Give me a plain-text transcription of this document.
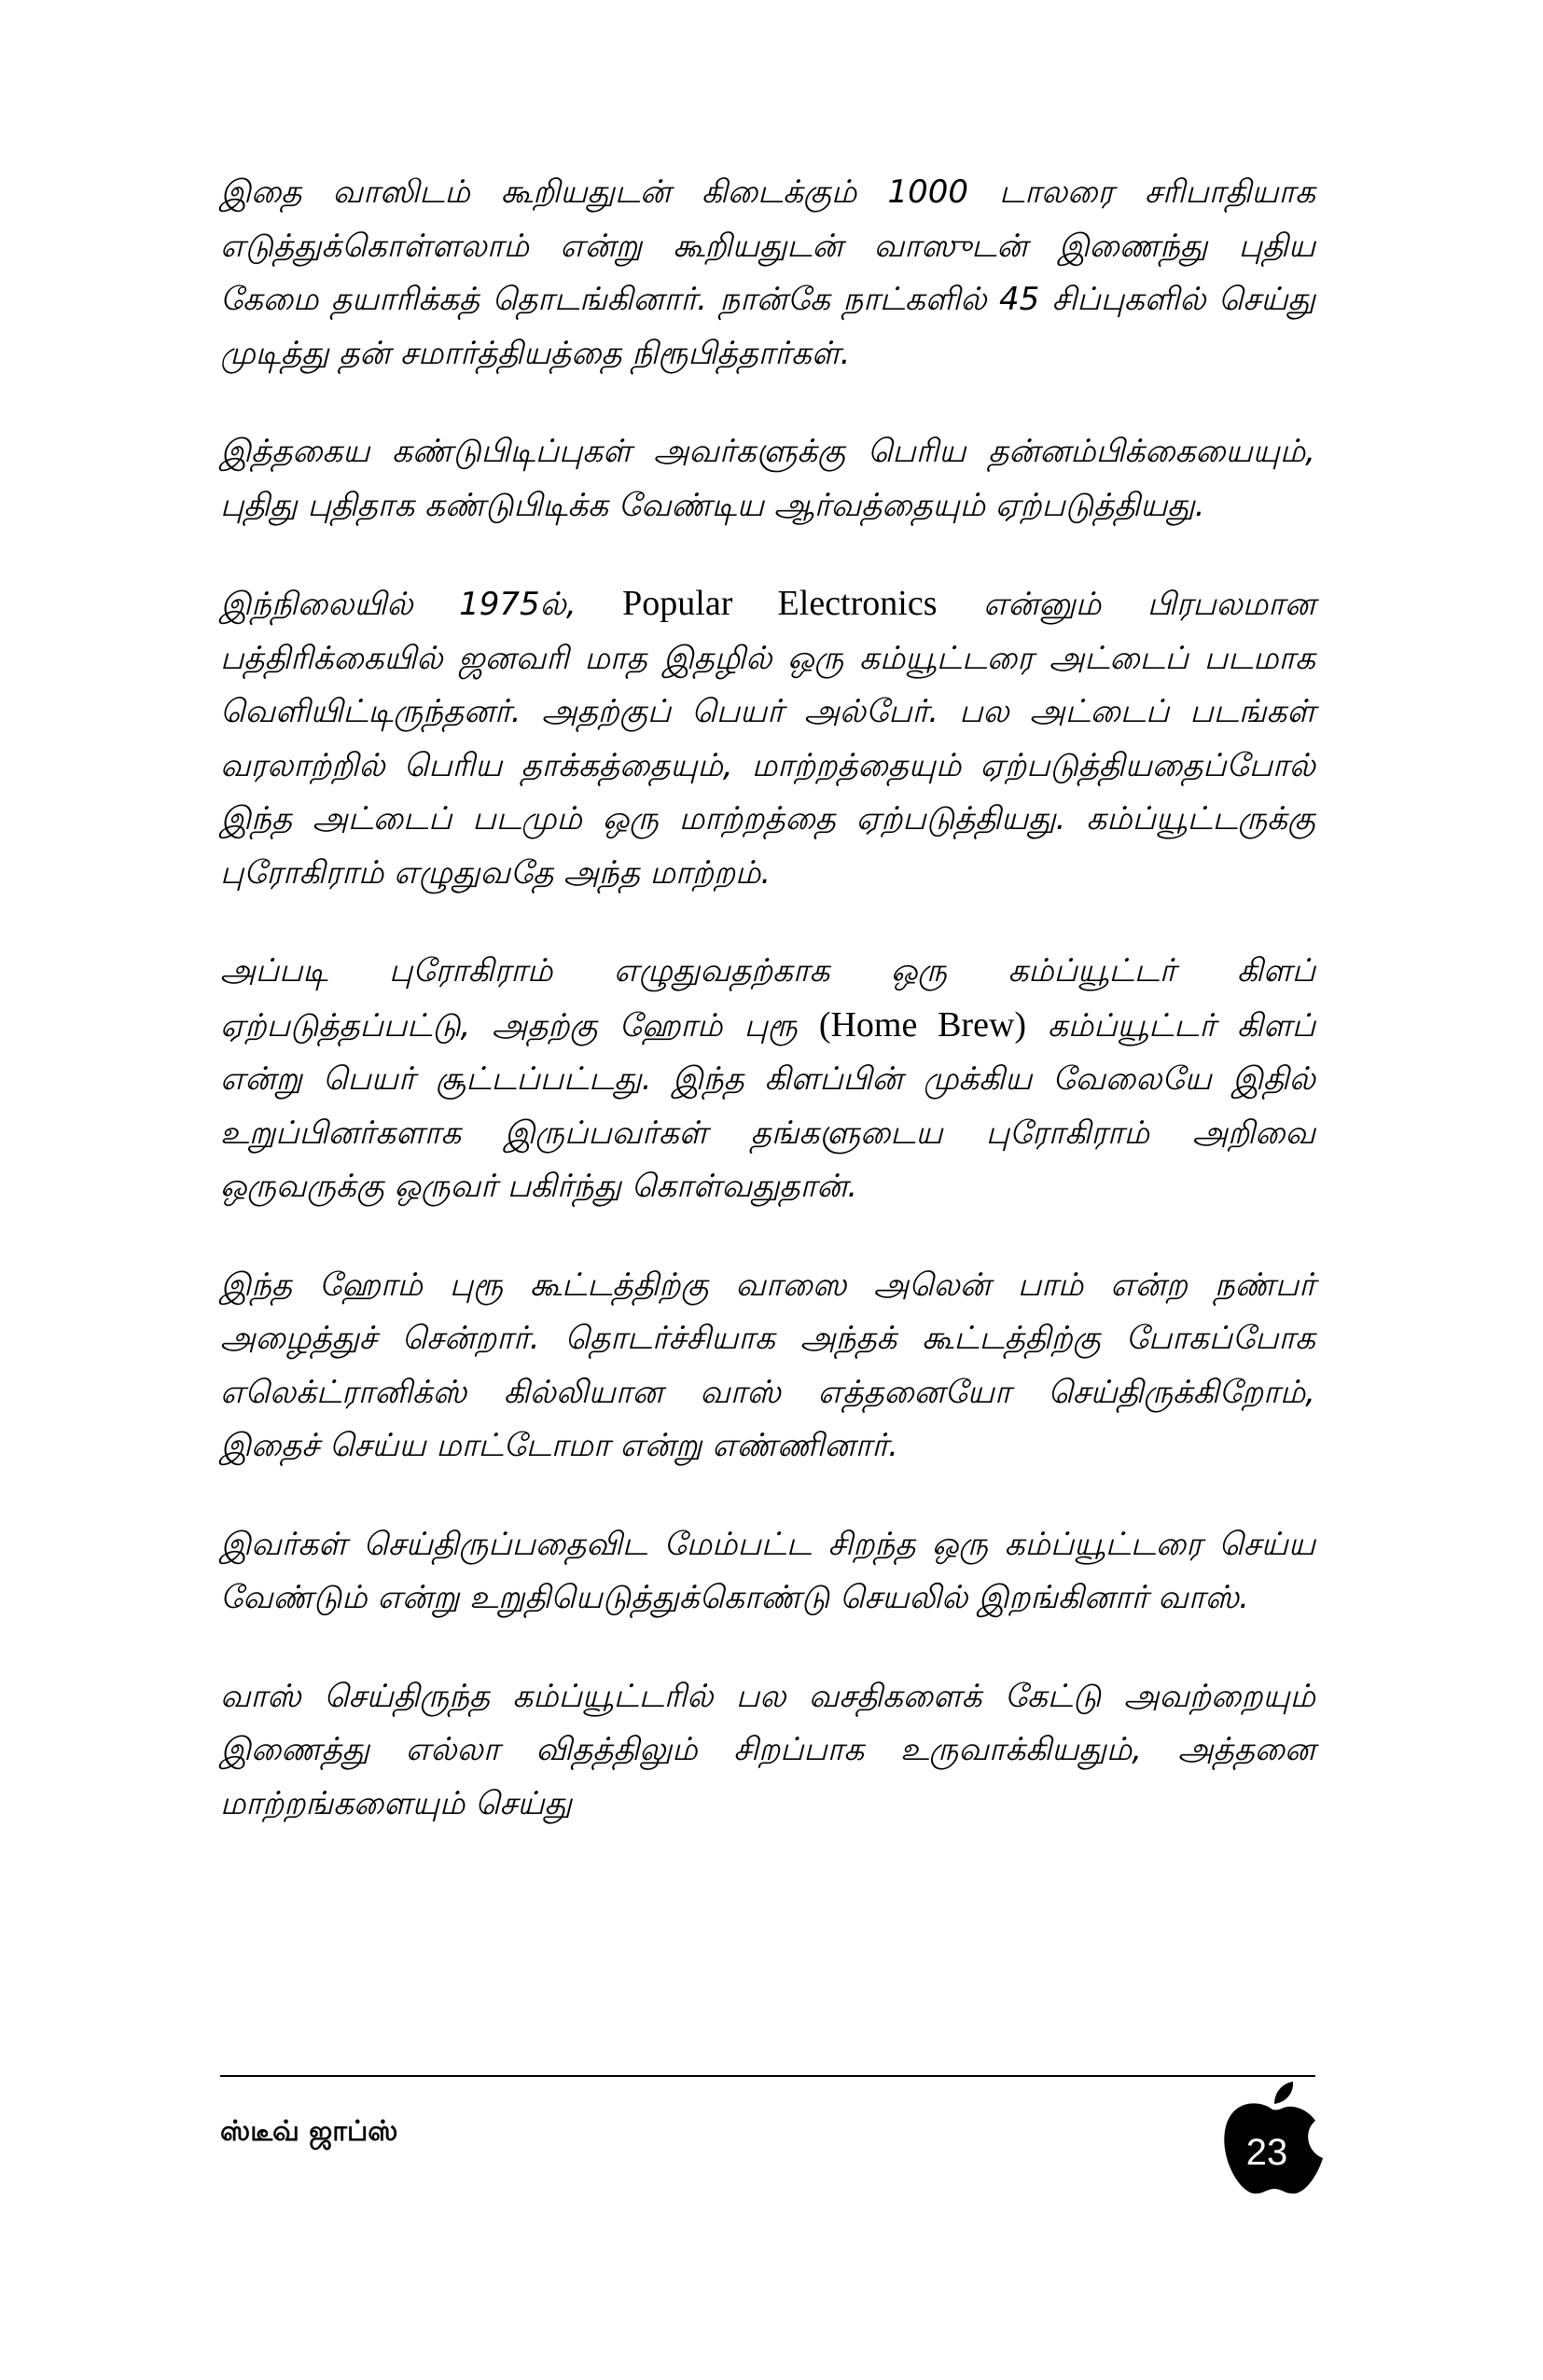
இதை வாஸிடம் கூறியதுடன் கிடைக்கும் 1000 டாலரை சரிபாதியாக எடுத்துக்கொள்ளலாம் என்று கூறியதுடன் வாஸுடன் இணைந்து புதிய கேமை தயாரிக்கத் தொடங்கினார். நான்கே நாட்களில் 45 சிப்புகளில் செய்து முடித்து தன் சமார்த்தியத்தை நிரூபித்தார்கள்.

இத்தகைய கண்டுபிடிப்புகள் அவர்களுக்கு பெரிய தன்னம்பிக்கையையும், புதிது புதிதாக கண்டுபிடிக்க வேண்டிய ஆர்வத்தையும் ஏற்படுத்தியது.

இந்நிலையில் 1975ல், Popular Electronics என்னும் பிரபலமான பத்திரிக்கையில் ஜனவரி மாத இதழில் ஒரு கம்யூட்டரை அட்டைப் படமாக வெளியிட்டிருந்தனர். அதற்குப் பெயர் அல்பேர். பல அட்டைப் படங்கள் வரலாற்றில் பெரிய தாக்கத்தையும், மாற்றத்தையும் ஏற்படுத்தியதைப்போல் இந்த அட்டைப் படமும் ஒரு மாற்றத்தை ஏற்படுத்தியது. கம்ப்யூட்டருக்கு புரோகிராம் எழுதுவதே அந்த மாற்றம்.

அப்படி புரோகிராம் எழுதுவதற்காக ஒரு கம்ப்யூட்டர் கிளப் ஏற்படுத்தப்பட்டு, அதற்கு ஹோம் புரூ (Home Brew) கம்ப்யூட்டர் கிளப் என்று பெயர் சூட்டப்பட்டது. இந்த கிளப்பின் முக்கிய வேலையே இதில் உறுப்பினர்களாக இருப்பவர்கள் தங்களுடைய புரோகிராம் அறிவை ஒருவருக்கு ஒருவர் பகிர்ந்து கொள்வதுதான்.

இந்த ஹோம் புரூ கூட்டத்திற்கு வாஸை அலென் பாம் என்ற நண்பர் அழைத்துச் சென்றார். தொடர்ச்சியாக அந்தக் கூட்டத்திற்கு போகப்போக எலெக்ட்ரானிக்ஸ் கில்லியான வாஸ் எத்தனையோ செய்திருக்கிறோம், இதைச் செய்ய மாட்டோமா என்று எண்ணினார்.

இவர்கள் செய்திருப்பதைவிட மேம்பட்ட சிறந்த ஒரு கம்ப்யூட்டரை செய்ய வேண்டும் என்று உறுதியெடுத்துக்கொண்டு செயலில் இறங்கினார் வாஸ்.

வாஸ் செய்திருந்த கம்ப்யூட்டரில் பல வசதிகளைக் கேட்டு அவற்றையும் இணைத்து எல்லா விதத்திலும் சிறப்பாக உருவாக்கியதும், அத்தனை மாற்றங்களையும் செய்து

ஸ்டீவ் ஜாப்ஸ்
23
